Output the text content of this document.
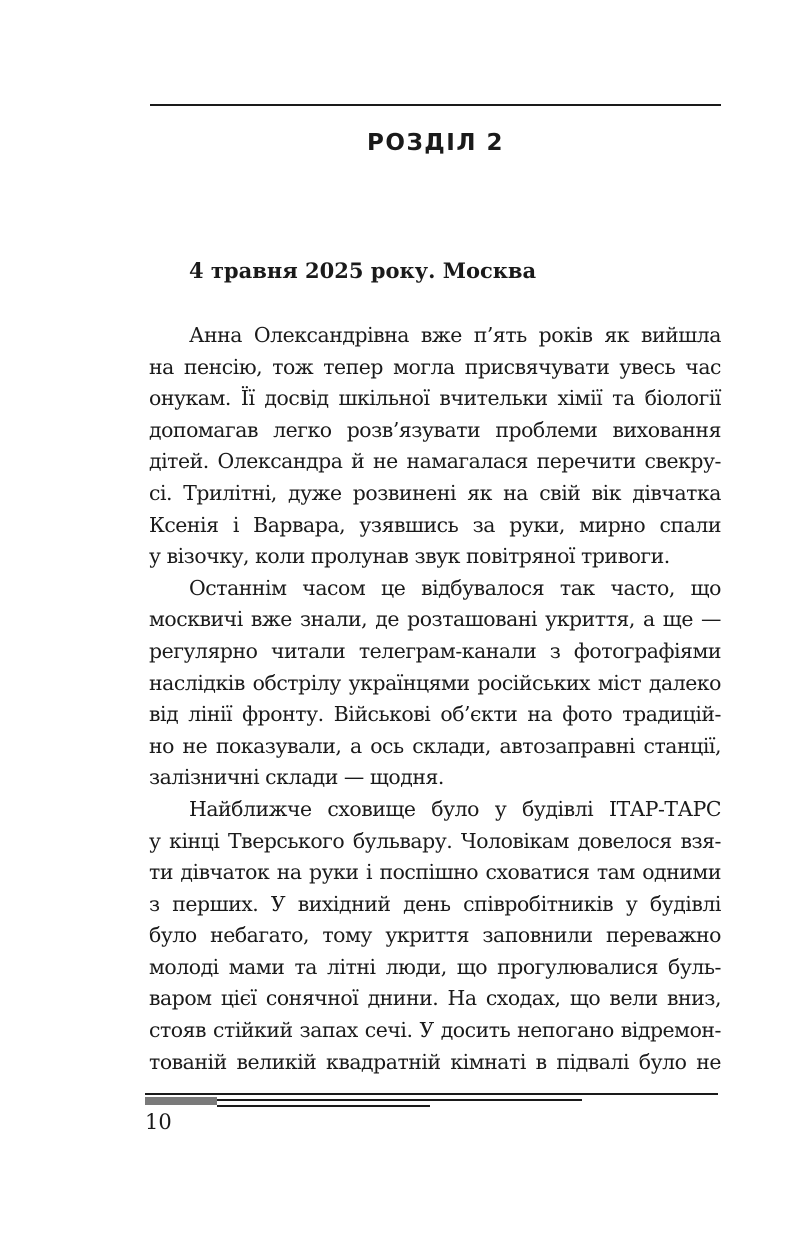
РОЗДІЛ 2
4 травня 2025 року. Москва
Анна Олександрівна вже п’ять років як вийшла
на пенсію, тож тепер могла присвячувати увесь час
онукам. Її досвід шкільної вчительки хімії та біології
допомагав легко розв’язувати проблеми виховання
дітей. Олександра й не намагалася перечити свекру-
сі. Трилітні, дуже розвинені як на свій вік дівчатка
Ксенія і Варвара, узявшись за руки, мирно спали
у візочку, коли пролунав звук повітряної тривоги.
Останнім часом це відбувалося так часто, що
москвичі вже знали, де розташовані укриття, а ще —
регулярно читали телеграм-канали з фотографіями
наслідків обстрілу українцями російських міст далеко
від лінії фронту. Військові об’єкти на фото традицій-
но не показували, а ось склади, автозаправні станції,
залізничні склади — щодня.
Найближче сховище було у будівлі ІТАР-ТАРС
у кінці Тверського бульвару. Чоловікам довелося взя-
ти дівчаток на руки і поспішно сховатися там одними
з перших. У вихідний день співробітників у будівлі
було небагато, тому укриття заповнили переважно
молоді мами та літні люди, що прогулювалися буль-
варом цієї сонячної днини. На сходах, що вели вниз,
стояв стійкий запах сечі. У досить непогано відремон-
тованій великій квадратній кімнаті в підвалі було не
10
